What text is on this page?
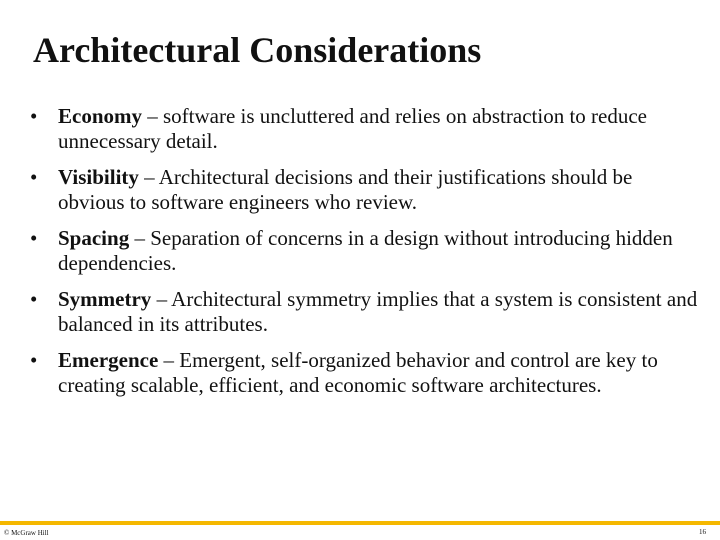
Architectural Considerations
• Economy – software is uncluttered and relies on abstraction to reduce unnecessary detail.
• Visibility – Architectural decisions and their justifications should be obvious to software engineers who review.
• Spacing – Separation of concerns in a design without introducing hidden dependencies.
• Symmetry – Architectural symmetry implies that a system is consistent and balanced in its attributes.
• Emergence – Emergent, self-organized behavior and control are key to creating scalable, efficient, and economic software architectures.
© McGraw Hill	16
